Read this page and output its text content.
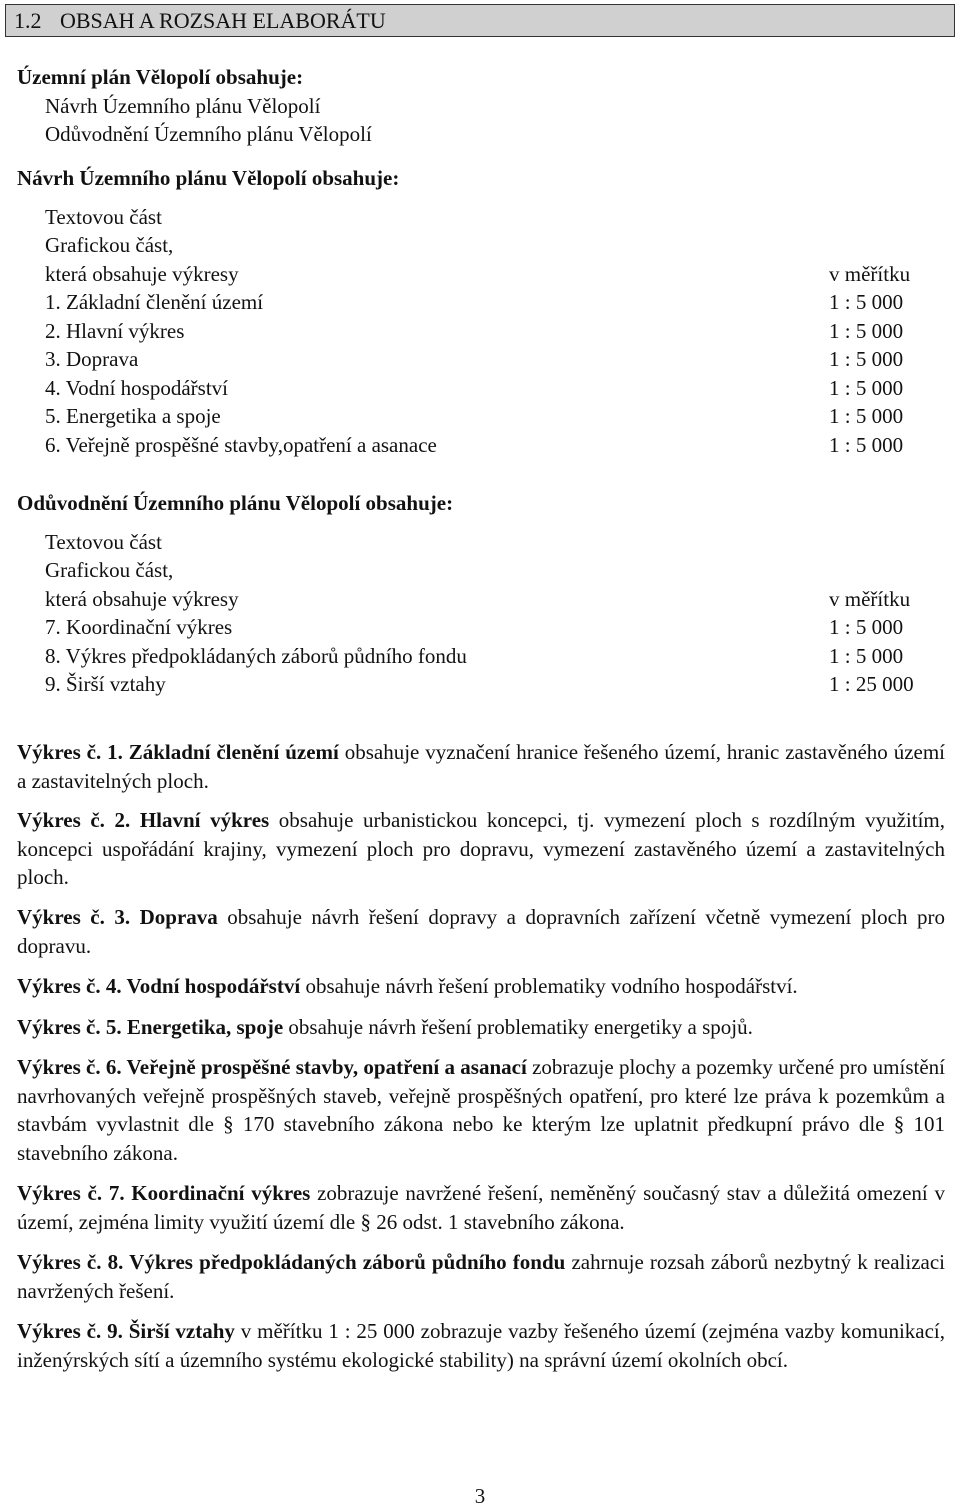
1.2 OBSAH A ROZSAH ELABORÁTU
Územní plán Vělopolí obsahuje:
Návrh Územního plánu Vělopolí
Odůvodnění Územního plánu Vělopolí
Návrh Územního plánu Vělopolí obsahuje:
Textovou část
Grafickou část,
která obsahuje výkresy	v měřítku
1. Základní členění území	1 : 5 000
2. Hlavní výkres	1 : 5 000
3. Doprava	1 : 5 000
4. Vodní hospodářství	1 : 5 000
5. Energetika a spoje	1 : 5 000
6. Veřejně prospěšné stavby,opatření a asanace	1 : 5 000
Odůvodnění Územního plánu Vělopolí obsahuje:
Textovou část
Grafickou část,
která obsahuje výkresy	v měřítku
7. Koordinační výkres	1 : 5 000
8. Výkres předpokládaných záborů půdního fondu	1 : 5 000
9. Širší vztahy	1 : 25 000
Výkres č. 1. Základní členění území obsahuje vyznačení hranice řešeného území, hranic zastavěného území a zastavitelných ploch.
Výkres č. 2. Hlavní výkres obsahuje urbanistickou koncepci, tj. vymezení ploch s rozdílným využitím, koncepci uspořádání krajiny, vymezení ploch pro dopravu, vymezení zastavěného území a zastavitelných ploch.
Výkres č. 3. Doprava obsahuje návrh řešení dopravy a dopravních zařízení včetně vymezení ploch pro dopravu.
Výkres č. 4. Vodní hospodářství obsahuje návrh řešení problematiky vodního hospodářství.
Výkres č. 5. Energetika, spoje obsahuje návrh řešení problematiky energetiky a spojů.
Výkres č. 6. Veřejně prospěšné stavby, opatření a asanací zobrazuje plochy a pozemky určené pro umístění navrhovaných veřejně prospěšných staveb, veřejně prospěšných opatření, pro které lze práva k pozemkům a stavbám vyvlastnit dle § 170 stavebního zákona nebo ke kterým lze uplatnit předkupní právo dle § 101 stavebního zákona.
Výkres č. 7. Koordinační výkres zobrazuje navržené řešení, neměněný současný stav a důležitá omezení v území, zejména limity využití území dle § 26 odst. 1 stavebního zákona.
Výkres č. 8. Výkres předpokládaných záborů půdního fondu zahrnuje rozsah záborů nezbytný k realizaci navržených řešení.
Výkres č. 9. Širší vztahy v měřítku 1 : 25 000 zobrazuje vazby řešeného území (zejména vazby komunikací, inženýrských sítí a územního systému ekologické stability) na správní území okolních obcí.
3
